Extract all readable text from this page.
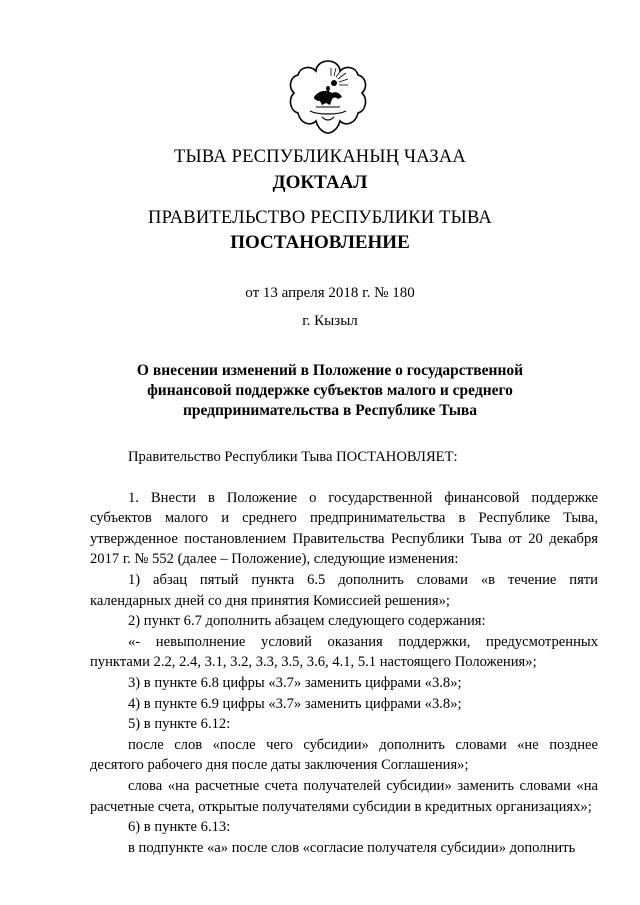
ТЫВА РЕСПУБЛИКАНЫҢ ЧАЗАА
ДОКТААЛ
ПРАВИТЕЛЬСТВО РЕСПУБЛИКИ ТЫВА
ПОСТАНОВЛЕНИЕ
от 13 апреля 2018 г. № 180
г. Кызыл
О внесении изменений в Положение о государственной
финансовой поддержке субъектов малого и среднего
предпринимательства в Республике Тыва

Правительство Республики Тыва ПОСТАНОВЛЯЕТ:

1. Внести в Положение о государственной финансовой поддержке субъектов малого и среднего предпринимательства в Республике Тыва, утвержденное постановлением Правительства Республики Тыва от 20 декабря 2017 г. № 552 (далее – Положение), следующие изменения:

1) абзац пятый пункта 6.5 дополнить словами «в течение пяти календарных дней со дня принятия Комиссией решения»;

2) пункт 6.7 дополнить абзацем следующего содержания:

«- невыполнение условий оказания поддержки, предусмотренных пунктами 2.2, 2.4, 3.1, 3.2, 3.3, 3.5, 3.6, 4.1, 5.1 настоящего Положения»;

3) в пункте 6.8 цифры «3.7» заменить цифрами «3.8»;

4) в пункте 6.9 цифры «3.7» заменить цифрами «3.8»;

5) в пункте 6.12:

после слов «после чего субсидии» дополнить словами «не позднее десятого рабочего дня после даты заключения Соглашения»;

слова «на расчетные счета получателей субсидии» заменить словами «на расчетные счета, открытые получателями субсидии в кредитных организациях»;

6) в пункте 6.13:

в подпункте «а» после слов «согласие получателя субсидии» дополнить
